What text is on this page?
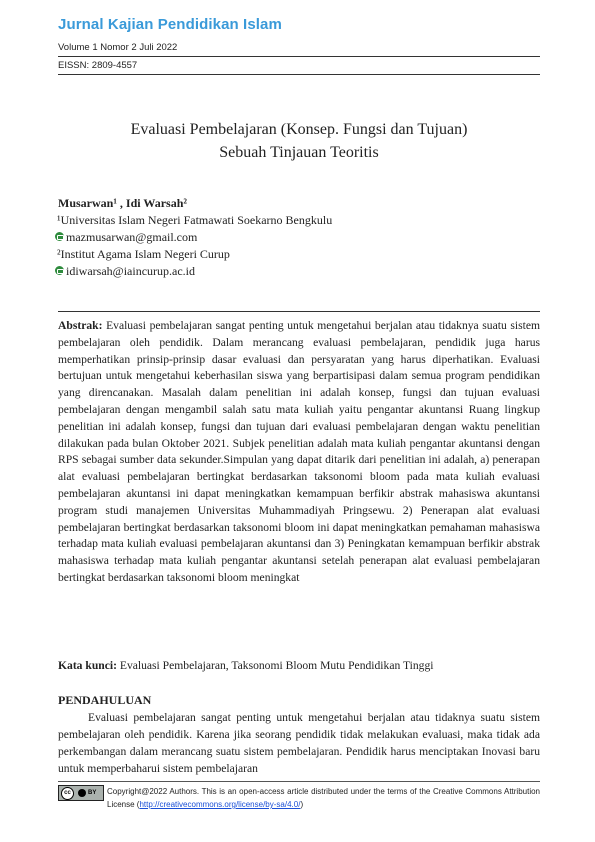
Jurnal Kajian Pendidikan Islam
Volume 1 Nomor 2 Juli 2022
EISSN: 2809-4557
Evaluasi Pembelajaran (Konsep. Fungsi dan Tujuan)
Sebuah Tinjauan Teoritis
Musarwan¹ , Idi Warsah²
¹Universitas Islam Negeri Fatmawati Soekarno Bengkulu
mazmusarwan@gmail.com
²Institut Agama Islam Negeri Curup
idiwarsah@iaincurup.ac.id
Abstrak: Evaluasi pembelajaran sangat penting untuk mengetahui berjalan atau tidaknya suatu sistem pembelajaran oleh pendidik. Dalam merancang evaluasi pembelajaran, pendidik juga harus memperhatikan prinsip-prinsip dasar evaluasi dan persyaratan yang harus diperhatikan. Evaluasi bertujuan untuk mengetahui keberhasilan siswa yang berpartisipasi dalam semua program pendidikan yang direncanakan. Masalah dalam penelitian ini adalah konsep, fungsi dan tujuan evaluasi pembelajaran dengan mengambil salah satu mata kuliah yaitu pengantar akuntansi Ruang lingkup penelitian ini adalah konsep, fungsi dan tujuan dari evaluasi pembelajaran dengan waktu penelitian dilakukan pada bulan Oktober 2021. Subjek penelitian adalah mata kuliah pengantar akuntansi dengan RPS sebagai sumber data sekunder.Simpulan yang dapat ditarik dari penelitian ini adalah, a) penerapan alat evaluasi pembelajaran bertingkat berdasarkan taksonomi bloom pada mata kuliah evaluasi pembelajaran akuntansi ini dapat meningkatkan kemampuan berfikir abstrak mahasiswa akuntansi program studi manajemen Universitas Muhammadiyah Pringsewu. 2) Penerapan alat evaluasi pembelajaran bertingkat berdasarkan taksonomi bloom ini dapat meningkatkan pemahaman mahasiswa terhadap mata kuliah evaluasi pembelajaran akuntansi dan 3) Peningkatan kemampuan berfikir abstrak mahasiswa terhadap mata kuliah pengantar akuntansi setelah penerapan alat evaluasi pembelajaran bertingkat berdasarkan taksonomi bloom meningkat
Kata kunci: Evaluasi Pembelajaran, Taksonomi Bloom Mutu Pendidikan Tinggi
PENDAHULUAN
Evaluasi pembelajaran sangat penting untuk mengetahui berjalan atau tidaknya suatu sistem pembelajaran oleh pendidik. Karena jika seorang pendidik tidak melakukan evaluasi, maka tidak ada perkembangan dalam merancang suatu sistem pembelajaran. Pendidik harus menciptakan Inovasi baru untuk memperbaharui sistem pembelajaran
cc	BY Copyright@2022 Authors. This is an open-access article distributed under the terms of the Creative Commons Attribution License (http://creativecommons.org/license/by-sa/4.0/)
